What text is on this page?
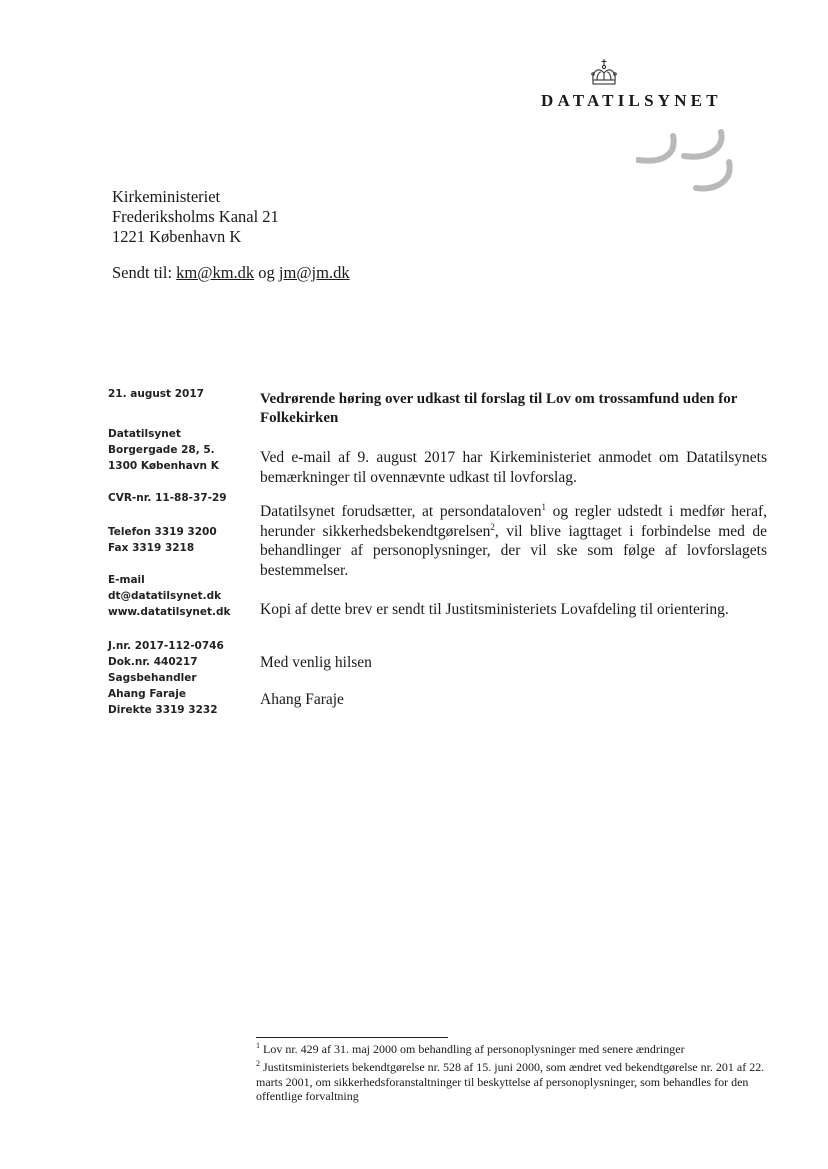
DATATILSYNET
Kirkeministeriet
Frederiksholms Kanal 21
1221 København K
Sendt til: km@km.dk og jm@jm.dk
21. august 2017
Datatilsynet
Borgergade 28, 5.
1300 København K
CVR-nr. 11-88-37-29
Telefon 3319 3200
Fax 3319 3218
E-mail
dt@datatilsynet.dk
www.datatilsynet.dk
J.nr. 2017-112-0746
Dok.nr. 440217
Sagsbehandler
Ahang Faraje
Direkte 3319 3232
Vedrørende høring over udkast til forslag til Lov om trossamfund uden for Folkekirken

Ved e-mail af 9. august 2017 har Kirkeministeriet anmodet om Datatilsynets bemærkninger til ovennævnte udkast til lovforslag.

Datatilsynet forudsætter, at persondataloven$^1$ og regler udstedt i medfør heraf, herunder sikkerhedsbekendtgørelsen$^2$, vil blive iagttaget i forbindelse med de behandlinger af personoplysninger, der vil ske som følge af lovforslagets bestemmelser.

Kopi af dette brev er sendt til Justitsministeriets Lovafdeling til orientering.

Med venlig hilsen

Ahang Faraje

$^1$ Lov nr. 429 af 31. maj 2000 om behandling af personoplysninger med senere ændringer

$^2$ Justitsministeriets bekendtgørelse nr. 528 af 15. juni 2000, som ændret ved bekendtgørelse nr. 201 af 22. marts 2001, om sikkerhedsforanstaltninger til beskyttelse af personoplysninger, som behandles for den offentlige forvaltning
